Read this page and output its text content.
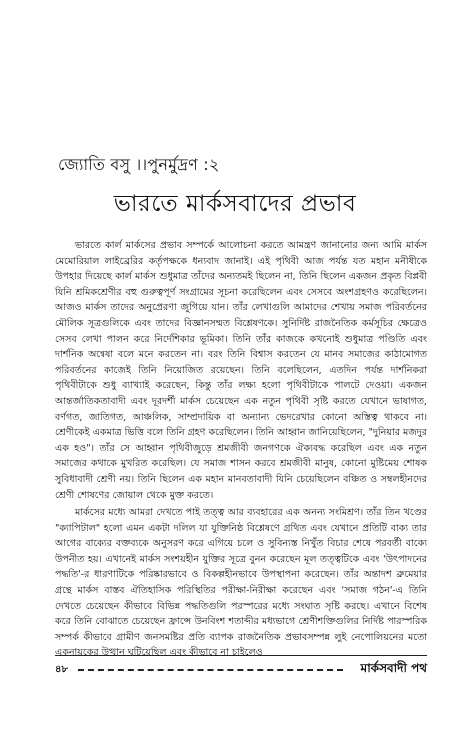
জ্যোতি বসু ।।পুনর্মুদ্রণ :২
ভারতে মার্কসবাদের প্রভাব

ভারতে কার্ল মার্কসের প্রভাব সম্পর্কে আলোচনা করতে আমন্ত্রণ জানানোর জন্য আমি মার্কস মেমোরিয়াল লাইব্রেরির কর্তৃপক্ষকে ধন্যবাদ জানাই। এই পৃথিবী আজ পর্যন্ত যত মহান মনীষীকে উপহার দিয়েছে কার্ল মার্কস শুধুমাত্র তাঁদের অন্যতমই ছিলেন না, তিনি ছিলেন একজন প্রকৃত বিপ্লবী যিনি শ্রমিকশ্রেণীর বহু গুরুত্বপূর্ণ সংগ্রামের সূচনা করেছিলেন এবং সেসবে অংশগ্রহণও করেছিলেন। আজও মার্কস তাদের অনুপ্রেরণা জুগিয়ে যান। তাঁর লেখাগুলি আমাদের শেখায় সমাজ পরিবর্তনের মৌলিক সূত্রগুলিকে এবং তাদের বিজ্ঞানসম্মত বিশ্লেষণকে। সুনির্দিষ্ট রাজনৈতিক কর্মসূচির ক্ষেত্রেও সেসব লেখা পালন করে নির্দেশিকার ভূমিকা। তিনি তাঁর কাজকে কখনোই শুধুমাত্র পণ্ডিতি এবং দার্শনিক অন্বেষা বলে মনে করতেন না। বরং তিনি বিশ্বাস করতেন যে মানব সমাজের কাঠামোগত পরিবর্তনের কাজেই তিনি নিয়োজিত রয়েছেন। তিনি বলেছিলেন, এতদিন পর্যন্ত দার্শনিকরা পৃথিবীটাকে শুধু ব্যাখ্যাই করেছেন, কিন্তু তাঁর লক্ষ্য হলো পৃথিবীটাকে পালটে দেওয়া। একজন আন্তর্জাতিকতাবাদী এবং দূরদর্শী মার্কস চেয়েছেন এক নতুন পৃথিবী সৃষ্টি করতে যেখানে ভাষাগত, বর্ণগত, জাতিগত, আঞ্চলিক, সাম্প্রদায়িক বা অন্যান্য ভেদরেখার কোনো অস্তিত্ব থাকবে না। শ্রেণীকেই একমাত্র ভিত্তি বলে তিনি গ্রহণ করেছিলেন। তিনি আহ্বান জানিয়েছিলেন, "দুনিয়ার মজদুর এক হও"। তাঁর সে আহ্বান পৃথিবীজুড়ে শ্রমজীবী জনগণকে ঐক্যবদ্ধ করেছিল এবং এক নতুন সমাজের কথাকে মুখরিত করেছিল। যে সমাজ শাসন করবে শ্রমজীবী মানুষ, কোনো মুষ্টিমেয় শোষক সুবিধাবাদী শ্রেণী নয়। তিনি ছিলেন এক মহান মানবতাবাদী যিনি চেয়েছিলেন বঞ্চিত ও সম্বলহীনদের শ্রেণী শোষণের জোয়াল থেকে মুক্ত করতে।

মার্কসের মধ্যে আমরা দেখতে পাই তত্ত্ব আর ব্যবহারের এক অনন্য সংমিশ্রণ। তাঁর তিন খণ্ডের "ক্যাপিটাল" হলো এমন একটা দলিল যা যুক্তিনিষ্ঠ বিশ্লেষণে গ্রথিত এবং যেখানে প্রতিটি বাক্য তার আগের বাক্যের বক্তব্যকে অনুসরণ করে এগিয়ে চলে ও সুবিন্যস্ত নিখুঁত বিচার শেষে পরবর্তী বাক্যে উপনীত হয়। এখানেই মার্কস সংশয়হীন যুক্তির সূত্রে বুনন করেছেন মূল তত্ত্বটিকে এবং 'উৎপাদনের পদ্ধতি'-র ধারণাটিকে পরিষ্কারভাবে ও বিকল্পহীনভাবে উপস্থাপনা করেছেন। তাঁর অন্তাদশ ব্রুমেয়ার গ্রন্থে মার্কস বাস্তব ঐতিহাসিক পরিস্থিতির পরীক্ষা-নিরীক্ষা করেছেন এবং 'সমাজ গঠন'-এ তিনি দেখতে চেয়েছেন কীভাবে বিভিন্ন পদ্ধতিগুলি পরস্পরের মধ্যে সংঘাত সৃষ্টি করছে। এখানে বিশেষ করে তিনি বোঝাতে চেয়েছেন ফ্রান্সে উনবিংশ শতাব্দীর মধ্যভাগে শ্রেণীশক্তিগুলির নির্দিষ্ট পারস্পরিক সম্পর্ক কীভাবে গ্রামীণ জনসমষ্টির প্রতি ব্যাপক রাজনৈতিক প্রভাবসম্পন্ন লুই নেপোলিয়নের মতো একনায়কের উত্থান ঘটিয়েছিল এবং কীভাবে না চাইলেও

৪৮	মার্কসবাদী পথ
